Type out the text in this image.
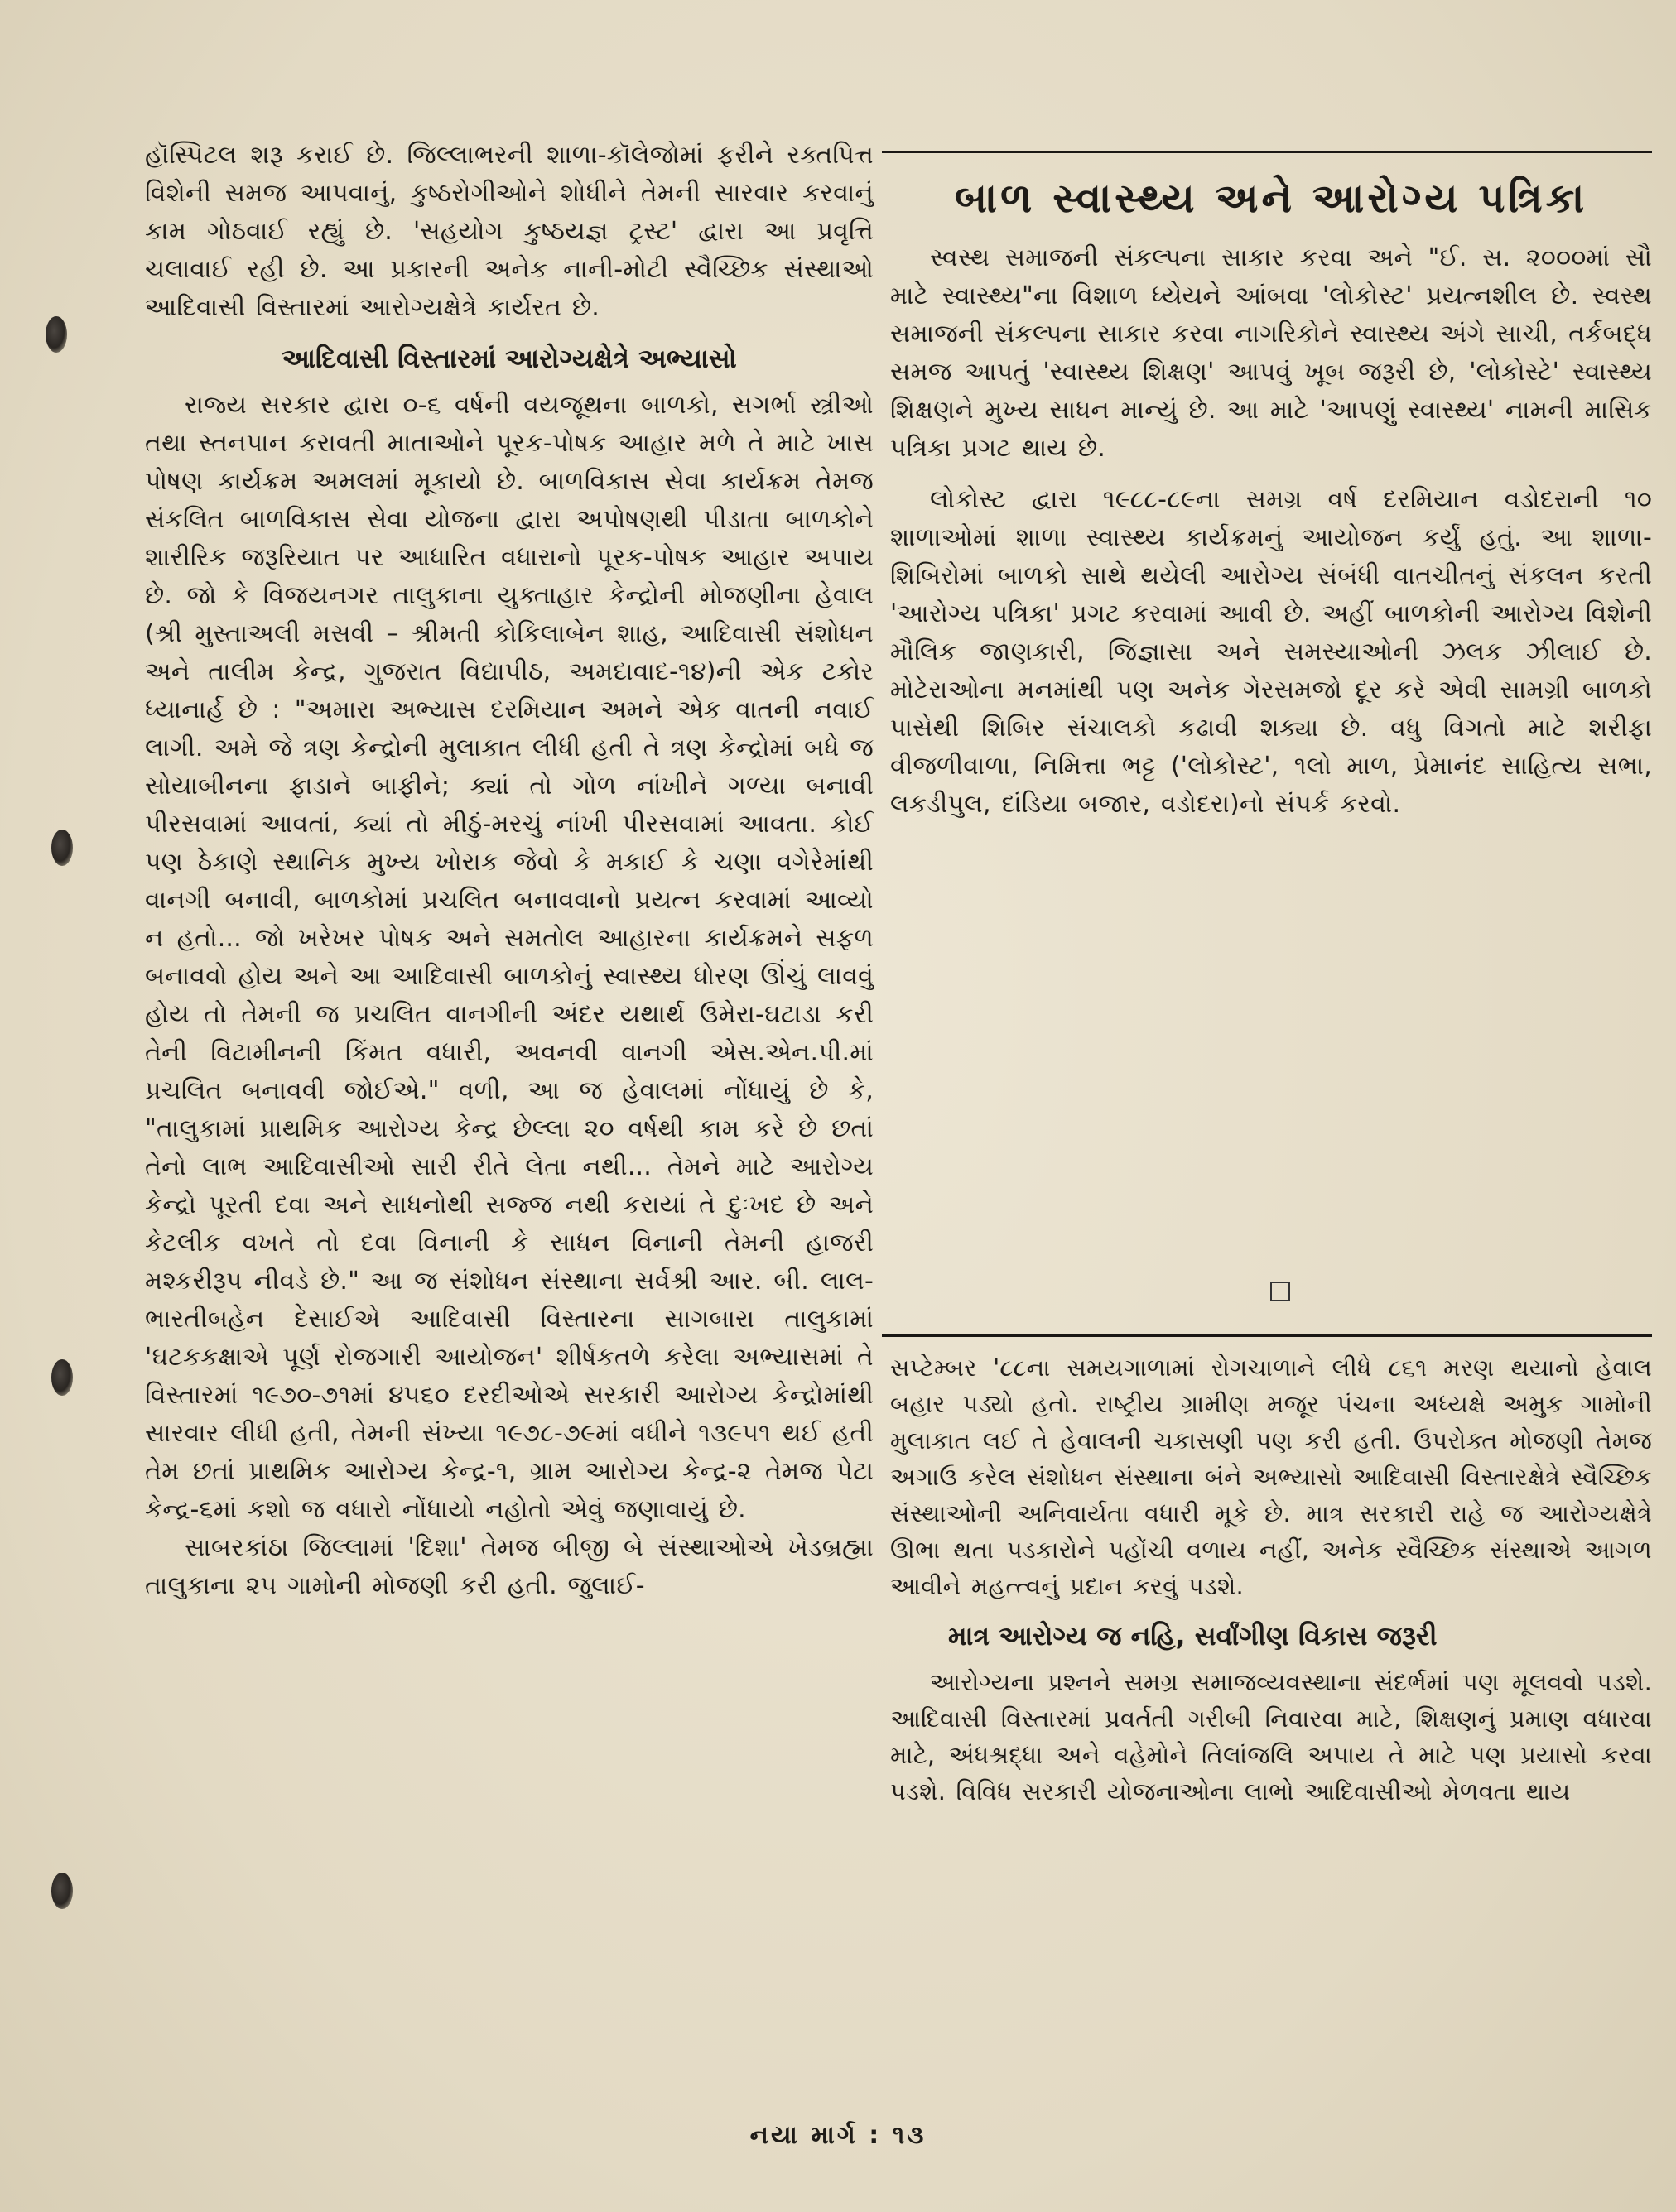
હૉસ્પિટલ શરૂ કરાઈ છે. જિલ્લાભરની શાળા-કૉલેજોમાં ફરીને રક્તપિત્ત વિશેની સમજ આપવાનું, કુષ્ઠરોગીઓને શોધીને તેમની સારવાર કરવાનું કામ ગોઠવાઈ રહ્યું છે. 'સહયોગ કુષ્ઠયજ્ઞ ટ્રસ્ટ' દ્વારા આ પ્રવૃત્તિ ચલાવાઈ રહી છે. આ પ્રકારની અનેક નાની-મોટી સ્વૈચ્છિક સંસ્થાઓ આદિવાસી વિસ્તારમાં આરોગ્યક્ષેત્રે કાર્યરત છે.

આદિવાસી વિસ્તારમાં આરોગ્યક્ષેત્રે અભ્યાસો

રાજ્ય સરકાર દ્વારા ૦-૬ વર્ષની વયજૂથના બાળકો, સગર્ભા સ્ત્રીઓ તથા સ્તનપાન કરાવતી માતાઓને પૂરક-પોષક આહાર મળે તે માટે ખાસ પોષણ કાર્યક્રમ અમલમાં મૂકાયો છે. બાળવિકાસ સેવા કાર્યક્રમ તેમજ સંકલિત બાળવિકાસ સેવા યોજના દ્વારા અપોષણથી પીડાતા બાળકોને શારીરિક જરૂરિયાત પર આધારિત વધારાનો પૂરક-પોષક આહાર અપાય છે. જો કે વિજયનગર તાલુકાના યુક્તાહાર કેન્દ્રોની મોજણીના હેવાલ (શ્રી મુસ્તાઅલી મસવી – શ્રીમતી કોકિલાબેન શાહ, આદિવાસી સંશોધન અને તાલીમ કેન્દ્ર, ગુજરાત વિદ્યાપીઠ, અમદાવાદ-૧૪)ની એક ટકોર ધ્યાનાર્હ છે : "અમારા અભ્યાસ દરમિયાન અમને એક વાતની નવાઈ લાગી. અમે જે ત્રણ કેન્દ્રોની મુલાકાત લીધી હતી તે ત્રણ કેન્દ્રોમાં બધે જ સોયાબીનના ફાડાને બાફીને; ક્યાં તો ગોળ નાંખીને ગળ્યા બનાવી પીરસવામાં આવતાં, ક્યાં તો મીઠું-મરચું નાંખી પીરસવામાં આવતા. કોઈ પણ ઠેકાણે સ્થાનિક મુખ્ય ખોરાક જેવો કે મકાઈ કે ચણા વગેરેમાંથી વાનગી બનાવી, બાળકોમાં પ્રચલિત બનાવવાનો પ્રયત્ન કરવામાં આવ્યો ન હતો... જો ખરેખર પોષક અને સમતોલ આહારના કાર્યક્રમને સફળ બનાવવો હોય અને આ આદિવાસી બાળકોનું સ્વાસ્થ્ય ધોરણ ઊંચું લાવવું હોય તો તેમની જ પ્રચલિત વાનગીની અંદર યથાર્થ ઉમેરા-ઘટાડા કરી તેની વિટામીનની કિંમત વધારી, અવનવી વાનગી એસ.એન.પી.માં પ્રચલિત બનાવવી જોઈએ." વળી, આ જ હેવાલમાં નોંધાયું છે કે, "તાલુકામાં પ્રાથમિક આરોગ્ય કેન્દ્ર છેલ્લા ૨૦ વર્ષથી કામ કરે છે છતાં તેનો લાભ આદિવાસીઓ સારી રીતે લેતા નથી... તેમને માટે આરોગ્ય કેન્દ્રો પૂરતી દવા અને સાધનોથી સજ્જ નથી કરાયાં તે દુઃખદ છે અને કેટલીક વખતે તો દવા વિનાની કે સાધન વિનાની તેમની હાજરી મશ્કરીરૂપ નીવડે છે." આ જ સંશોધન સંસ્થાના સર્વશ્રી આર. બી. લાલ-ભારતીબહેન દેસાઈએ આદિવાસી વિસ્તારના સાગબારા તાલુકામાં 'ઘટકકક્ષાએ પૂર્ણ રોજગારી આયોજન' શીર્ષકતળે કરેલા અભ્યાસમાં તે વિસ્તારમાં ૧૯૭૦-૭૧માં ૪૫૬૦ દરદીઓએ સરકારી આરોગ્ય કેન્દ્રોમાંથી સારવાર લીધી હતી, તેમની સંખ્યા ૧૯૭૮-૭૯માં વધીને ૧૩૯૫૧ થઈ હતી તેમ છતાં પ્રાથમિક આરોગ્ય કેન્દ્ર-૧, ગ્રામ આરોગ્ય કેન્દ્ર-૨ તેમજ પેટા કેન્દ્ર-૬માં કશો જ વધારો નોંધાયો નહોતો એવું જણાવાયું છે.

સાબરકાંઠા જિલ્લામાં 'દિશા' તેમજ બીજી બે સંસ્થાઓએ ખેડબ્રહ્મા તાલુકાના ૨૫ ગામોની મોજણી કરી હતી. જુલાઈ-

બાળ સ્વાસ્થ્ય અને આરોગ્ય પત્રિકા

સ્વસ્થ સમાજની સંકલ્પના સાકાર કરવા અને "ઈ. સ. ૨૦૦૦માં સૌ માટે સ્વાસ્થ્ય"ના વિશાળ ધ્યેયને આંબવા 'લોકોસ્ટ' પ્રયત્નશીલ છે. સ્વસ્થ સમાજની સંકલ્પના સાકાર કરવા નાગરિકોને સ્વાસ્થ્ય અંગે સાચી, તર્કબદ્ધ સમજ આપતું 'સ્વાસ્થ્ય શિક્ષણ' આપવું ખૂબ જરૂરી છે, 'લોકોસ્ટે' સ્વાસ્થ્ય શિક્ષણને મુખ્ય સાધન માન્યું છે. આ માટે 'આપણું સ્વાસ્થ્ય' નામની માસિક પત્રિકા પ્રગટ થાય છે.

લોકોસ્ટ દ્વારા ૧૯૮૮-૮૯ના સમગ્ર વર્ષ દરમિયાન વડોદરાની ૧૦ શાળાઓમાં શાળા સ્વાસ્થ્ય કાર્યક્રમનું આયોજન કર્યું હતું. આ શાળા-શિબિરોમાં બાળકો સાથે થયેલી આરોગ્ય સંબંધી વાતચીતનું સંકલન કરતી 'આરોગ્ય પત્રિકા' પ્રગટ કરવામાં આવી છે. અહીં બાળકોની આરોગ્ય વિશેની મૌલિક જાણકારી, જિજ્ઞાસા અને સમસ્યાઓની ઝલક ઝીલાઈ છે. મોટેરાઓના મનમાંથી પણ અનેક ગેરસમજો દૂર કરે એવી સામગ્રી બાળકો પાસેથી શિબિર સંચાલકો કઢાવી શક્યા છે. વધુ વિગતો માટે શરીફા વીજળીવાળા, નિમિત્તા ભટ્ટ ('લોકોસ્ટ', ૧લો માળ, પ્રેમાનંદ સાહિત્ય સભા, લકડીપુલ, દાંડિયા બજાર, વડોદરા)નો સંપર્ક કરવો.

સપ્ટેમ્બર '૮૮ના સમયગાળામાં રોગચાળાને લીધે ૮૬૧ મરણ થયાનો હેવાલ બહાર પડ્યો હતો. રાષ્ટ્રીય ગ્રામીણ મજૂર પંચના અધ્યક્ષે અમુક ગામોની મુલાકાત લઈ તે હેવાલની ચકાસણી પણ કરી હતી. ઉપરોક્ત મોજણી તેમજ અગાઉ કરેલ સંશોધન સંસ્થાના બંને અભ્યાસો આદિવાસી વિસ્તારક્ષેત્રે સ્વૈચ્છિક સંસ્થાઓની અનિવાર્યતા વધારી મૂકે છે. માત્ર સરકારી રાહે જ આરોગ્યક્ષેત્રે ઊભા થતા પડકારોને પહોંચી વળાય નહીં, અનેક સ્વૈચ્છિક સંસ્થાએ આગળ આવીને મહત્ત્વનું પ્રદાન કરવું પડશે.

માત્ર આરોગ્ય જ નહિ, સર્વાંગીણ વિકાસ જરૂરી

આરોગ્યના પ્રશ્નને સમગ્ર સમાજવ્યવસ્થાના સંદર્ભમાં પણ મૂલવવો પડશે. આદિવાસી વિસ્તારમાં પ્રવર્તતી ગરીબી નિવારવા માટે, શિક્ષણનું પ્રમાણ વધારવા માટે, અંધશ્રદ્ધા અને વહેમોને તિલાંજલિ અપાય તે માટે પણ પ્રયાસો કરવા પડશે. વિવિધ સરકારી યોજનાઓના લાભો આદિવાસીઓ મેળવતા થાય

નયા માર્ગ : ૧૩
